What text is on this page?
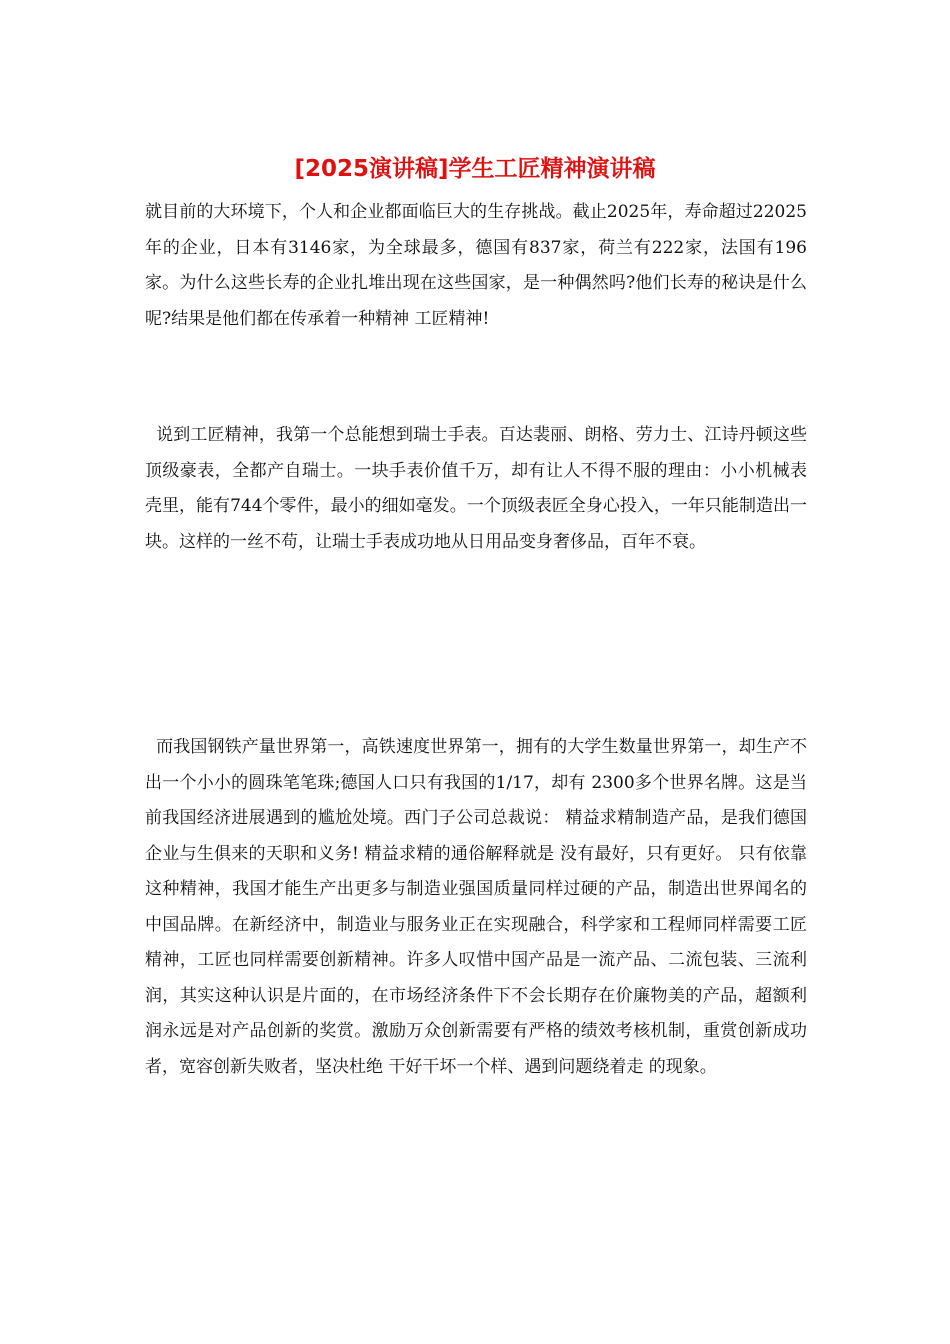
[2025演讲稿]学生工匠精神演讲稿

就目前的大环境下，个人和企业都面临巨大的生存挑战。截止2025年，寿命超过22025年的企业，日本有3146家，为全球最多，德国有837家，荷兰有222家，法国有196家。为什么这些长寿的企业扎堆出现在这些国家，是一种偶然吗?他们长寿的秘诀是什么呢?结果是他们都在传承着一种精神 工匠精神!

说到工匠精神，我第一个总能想到瑞士手表。百达裴丽、朗格、劳力士、江诗丹顿这些顶级豪表，全都产自瑞士。一块手表价值千万，却有让人不得不服的理由：小小机械表壳里，能有744个零件，最小的细如毫发。一个顶级表匠全身心投入，一年只能制造出一块。这样的一丝不苟，让瑞士手表成功地从日用品变身奢侈品，百年不衰。

而我国钢铁产量世界第一，高铁速度世界第一，拥有的大学生数量世界第一，却生产不出一个小小的圆珠笔笔珠;德国人口只有我国的1/17，却有 2300多个世界名牌。这是当前我国经济进展遇到的尴尬处境。西门子公司总裁说： 精益求精制造产品，是我们德国企业与生俱来的天职和义务! 精益求精的通俗解释就是 没有最好，只有更好。 只有依靠这种精神，我国才能生产出更多与制造业强国质量同样过硬的产品，制造出世界闻名的中国品牌。在新经济中，制造业与服务业正在实现融合，科学家和工程师同样需要工匠精神，工匠也同样需要创新精神。许多人叹惜中国产品是一流产品、二流包装、三流利润，其实这种认识是片面的，在市场经济条件下不会长期存在价廉物美的产品，超额利润永远是对产品创新的奖赏。激励万众创新需要有严格的绩效考核机制，重赏创新成功者，宽容创新失败者，坚决杜绝 干好干坏一个样、遇到问题绕着走 的现象。
